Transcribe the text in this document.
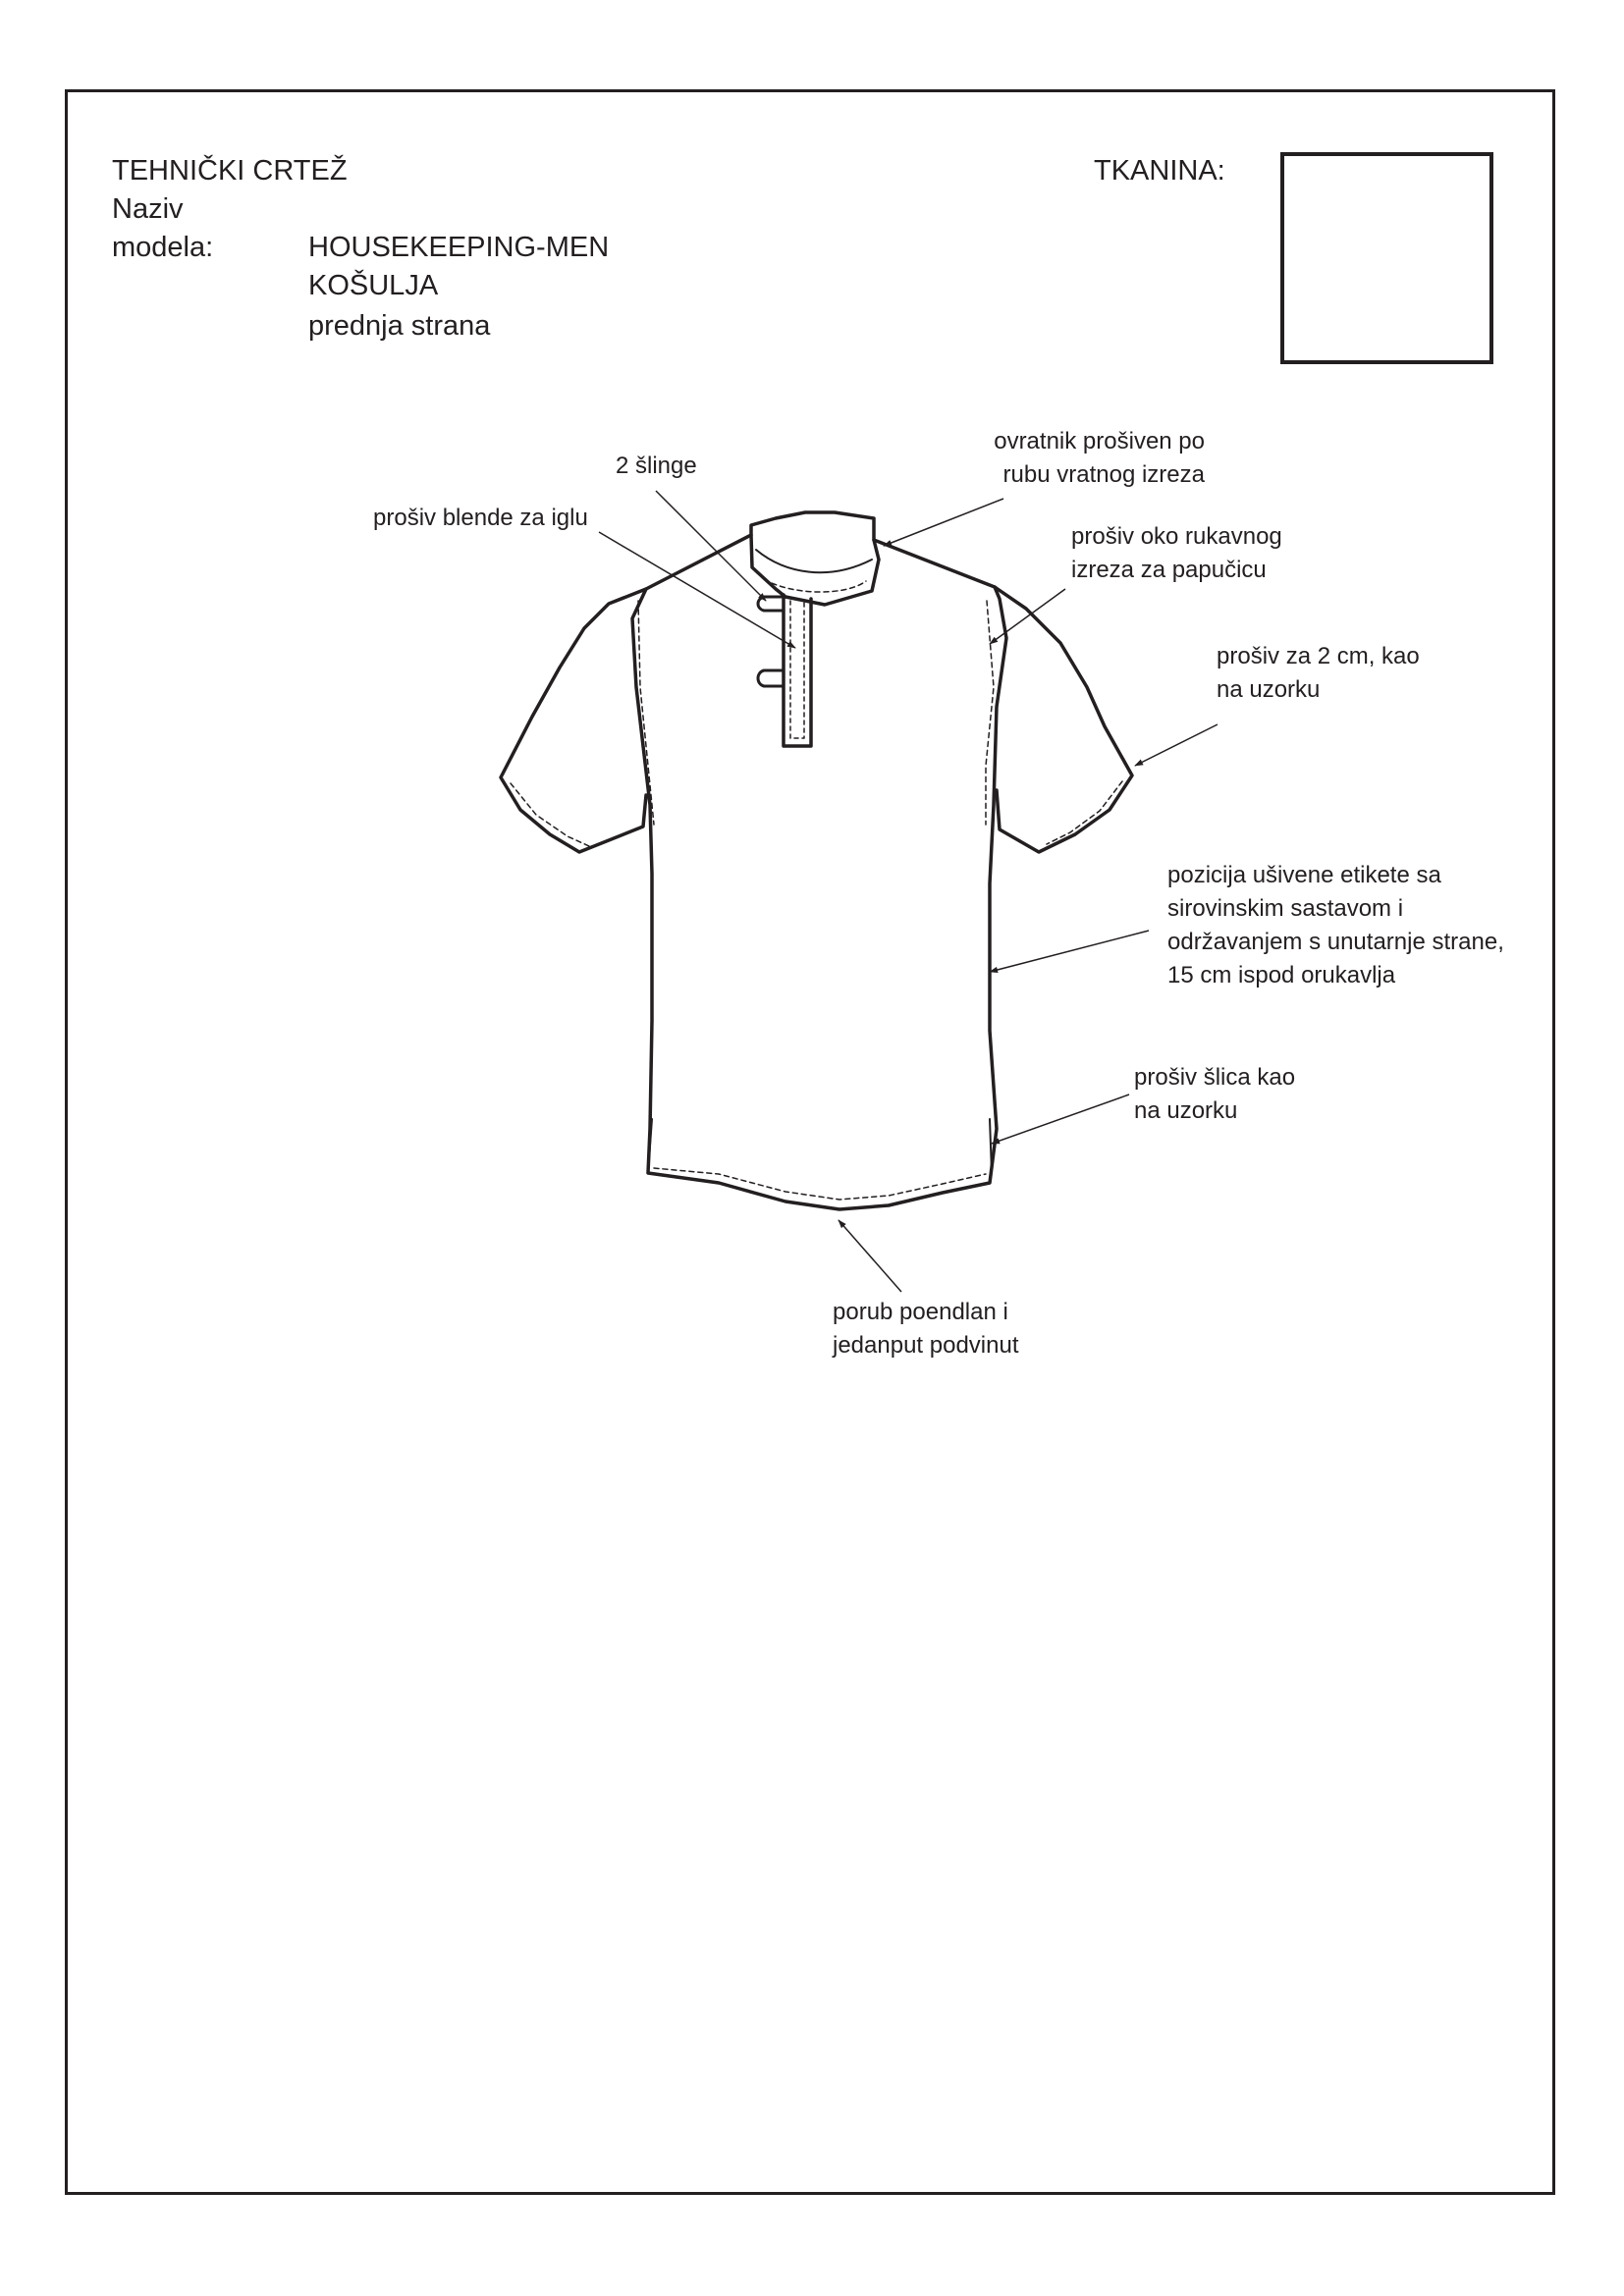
TEHNIČKI CRTEŽ
Naziv
modela:	HOUSEKEEPING-MEN
KOŠULJA
prednja strana
TKANINA:
ovratnik prošiven po
rubu vratnog izreza
2 šlinge
prošiv blende za iglu
prošiv oko rukavnog
izreza za papučicu
prošiv za 2 cm, kao
na uzorku
pozicija ušivene etikete sa
sirovinskim sastavom i
održavanjem s unutarnje strane,
15 cm ispod orukavlja
prošiv šlica kao
na uzorku
porub poendlan i
jedanput podvinut
